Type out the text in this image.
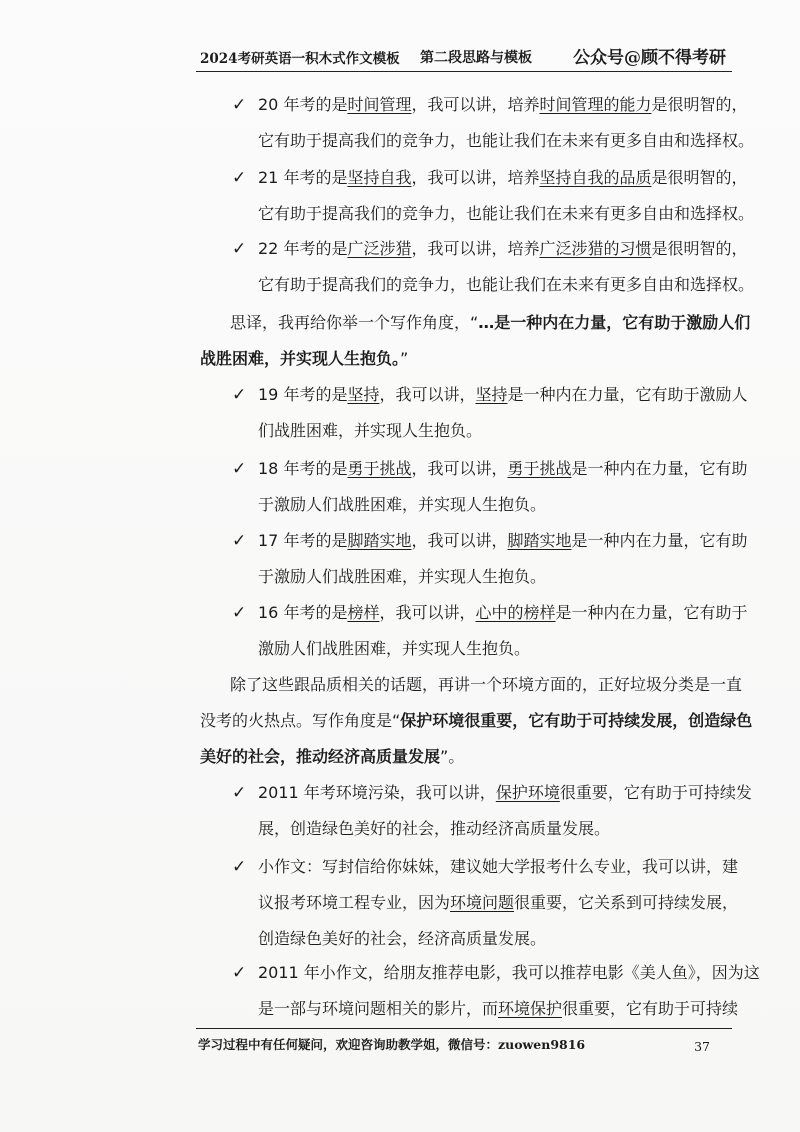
2024考研英语一积木式作文模板 第二段思路与模板 公众号@顾不得考研
✓ 20 年考的是时间管理，我可以讲，培养时间管理的能力是很明智的，
它有助于提高我们的竞争力，也能让我们在未来有更多自由和选择权。
✓ 21 年考的是坚持自我，我可以讲，培养坚持自我的品质是很明智的，
它有助于提高我们的竞争力，也能让我们在未来有更多自由和选择权。
✓ 22 年考的是广泛涉猎，我可以讲，培养广泛涉猎的习惯是很明智的，
它有助于提高我们的竞争力，也能让我们在未来有更多自由和选择权。
思译，我再给你举一个写作角度，“…是一种内在力量，它有助于激励人们
战胜困难，并实现人生抱负。”
✓ 19 年考的是坚持，我可以讲，坚持是一种内在力量，它有助于激励人
们战胜困难，并实现人生抱负。
✓ 18 年考的是勇于挑战，我可以讲，勇于挑战是一种内在力量，它有助
于激励人们战胜困难，并实现人生抱负。
✓ 17 年考的是脚踏实地，我可以讲，脚踏实地是一种内在力量，它有助
于激励人们战胜困难，并实现人生抱负。
✓ 16 年考的是榜样，我可以讲，心中的榜样是一种内在力量，它有助于
激励人们战胜困难，并实现人生抱负。
除了这些跟品质相关的话题，再讲一个环境方面的，正好垃圾分类是一直
没考的火热点。写作角度是“保护环境很重要，它有助于可持续发展，创造绿色
美好的社会，推动经济高质量发展”。
✓ 2011 年考环境污染，我可以讲，保护环境很重要，它有助于可持续发
展，创造绿色美好的社会，推动经济高质量发展。
✓ 小作文：写封信给你妹妹，建议她大学报考什么专业，我可以讲，建
议报考环境工程专业，因为环境问题很重要，它关系到可持续发展，
创造绿色美好的社会，经济高质量发展。
✓ 2011 年小作文，给朋友推荐电影，我可以推荐电影《美人鱼》，因为这
是一部与环境问题相关的影片，而环境保护很重要，它有助于可持续
学习过程中有任何疑问，欢迎咨询助教学姐，微信号：zuowen9816	37
